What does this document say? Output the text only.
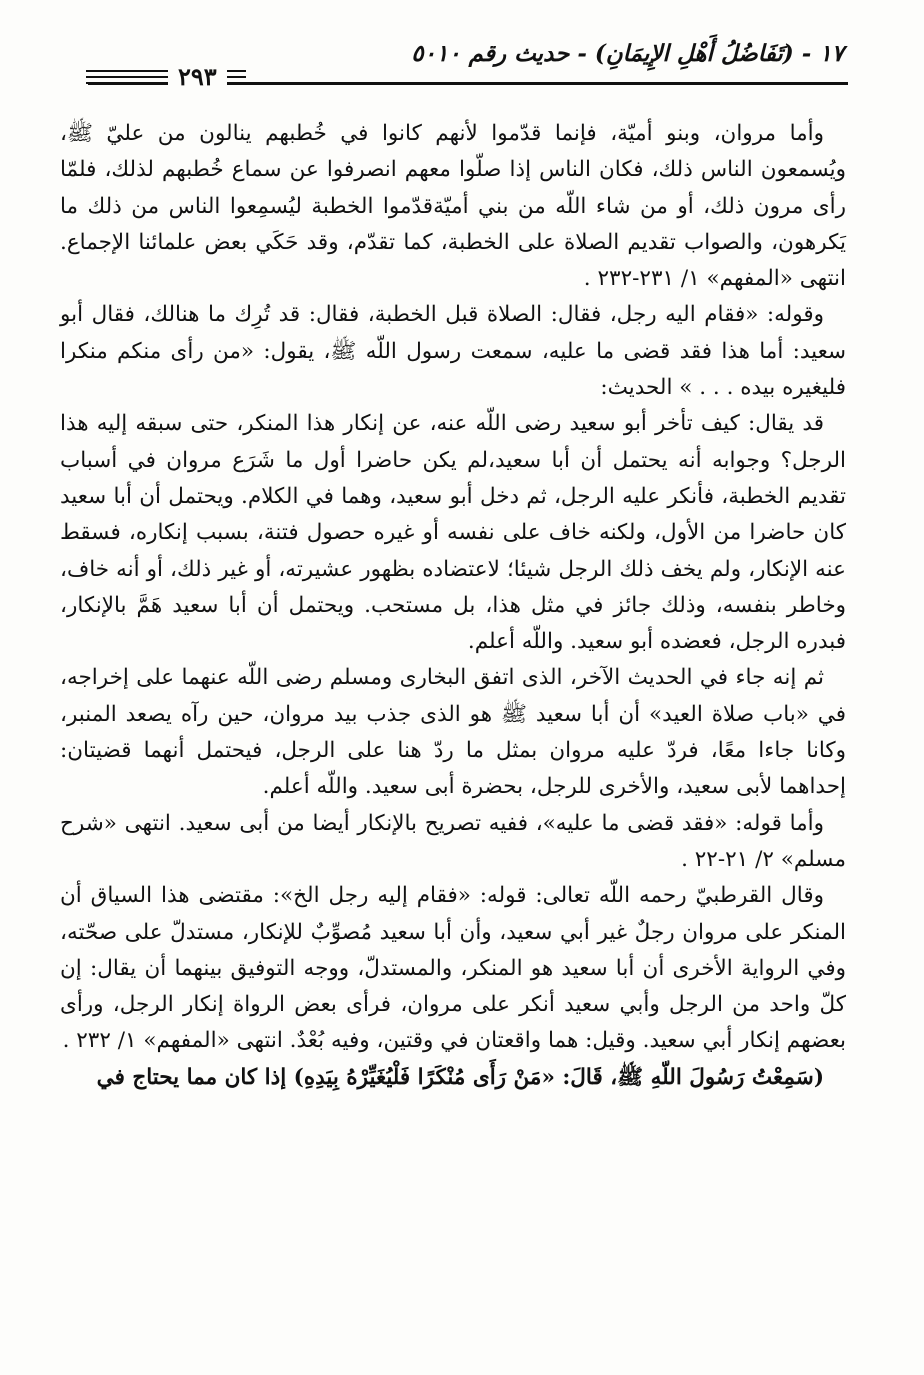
١٧ - (تَفَاضُلُ أَهْلِ الإِيمَانِ) - حديث رقم ٥٠١٠
٢٩٣

وأما مروان، وبنو أميّة، فإنما قدّموا لأنهم كانوا في خُطبهم ينالون من عليّ ﷺ، ويُسمعون الناس ذلك، فكان الناس إذا صلّوا معهم انصرفوا عن سماع خُطبهم لذلك، فلمّا رأى مرون ذلك، أو من شاء اللّه من بني أميّةقدّموا الخطبة ليُسمِعوا الناس من ذلك ما يَكرهون، والصواب تقديم الصلاة على الخطبة، كما تقدّم، وقد حَكَي بعض علمائنا الإجماع. انتهى «المفهم» ١/ ٢٣١-٢٣٢ .

وقوله: «فقام اليه رجل، فقال: الصلاة قبل الخطبة، فقال: قد تُرِك ما هنالك، فقال أبو سعيد: أما هذا فقد قضى ما عليه، سمعت رسول اللّه ﷺ، يقول: «من رأى منكم منكرا فليغيره بيده . . . » الحديث:

قد يقال: كيف تأخر أبو سعيد رضى اللّه عنه، عن إنكار هذا المنكر، حتى سبقه إليه هذا الرجل؟ وجوابه أنه يحتمل أن أبا سعيد،لم يكن حاضرا أول ما شَرَع مروان في أسباب تقديم الخطبة، فأنكر عليه الرجل، ثم دخل أبو سعيد، وهما في الكلام. ويحتمل أن أبا سعيد كان حاضرا من الأول، ولكنه خاف على نفسه أو غيره حصول فتنة، بسبب إنكاره، فسقط عنه الإنكار، ولم يخف ذلك الرجل شيئا؛ لاعتضاده بظهور عشيرته، أو غير ذلك، أو أنه خاف، وخاطر بنفسه، وذلك جائز في مثل هذا، بل مستحب. ويحتمل أن أبا سعيد هَمَّ بالإنكار، فبدره الرجل، فعضده أبو سعيد. واللّه أعلم.

ثم إنه جاء في الحديث الآخر، الذى اتفق البخارى ومسلم رضى اللّه عنهما على إخراجه، في «باب صلاة العيد» أن أبا سعيد ﷺ هو الذى جذب بيد مروان، حين رآه يصعد المنبر، وكانا جاءا معًا، فردّ عليه مروان بمثل ما ردّ هنا على الرجل، فيحتمل أنهما قضيتان: إحداهما لأبى سعيد، والأخرى للرجل، بحضرة أبى سعيد. واللّه أعلم.

وأما قوله: «فقد قضى ما عليه»، ففيه تصريح بالإنكار أيضا من أبى سعيد. انتهى «شرح مسلم» ٢/ ٢١-٢٢ .

وقال القرطبيّ رحمه اللّه تعالى: قوله: «فقام إليه رجل الخ»: مقتضى هذا السياق أن المنكر على مروان رجلٌ غير أبي سعيد، وأن أبا سعيد مُصوِّبٌ للإنكار، مستدلّ على صحّته، وفي الرواية الأخرى أن أبا سعيد هو المنكر، والمستدلّ، ووجه التوفيق بينهما أن يقال: إن كلّ واحد من الرجل وأبي سعيد أنكر على مروان، فرأى بعض الرواة إنكار الرجل، ورأى بعضهم إنكار أبي سعيد. وقيل: هما واقعتان في وقتين، وفيه بُعْدٌ. انتهى «المفهم» ١/ ٢٣٢ .

(سَمِعْتُ رَسُولَ اللّهِ ﷺ، قَالَ: «مَنْ رَأَى مُنْكَرًا فَلْيُغَيِّرْهُ بِيَدِهِ) إذا كان مما يحتاج في
